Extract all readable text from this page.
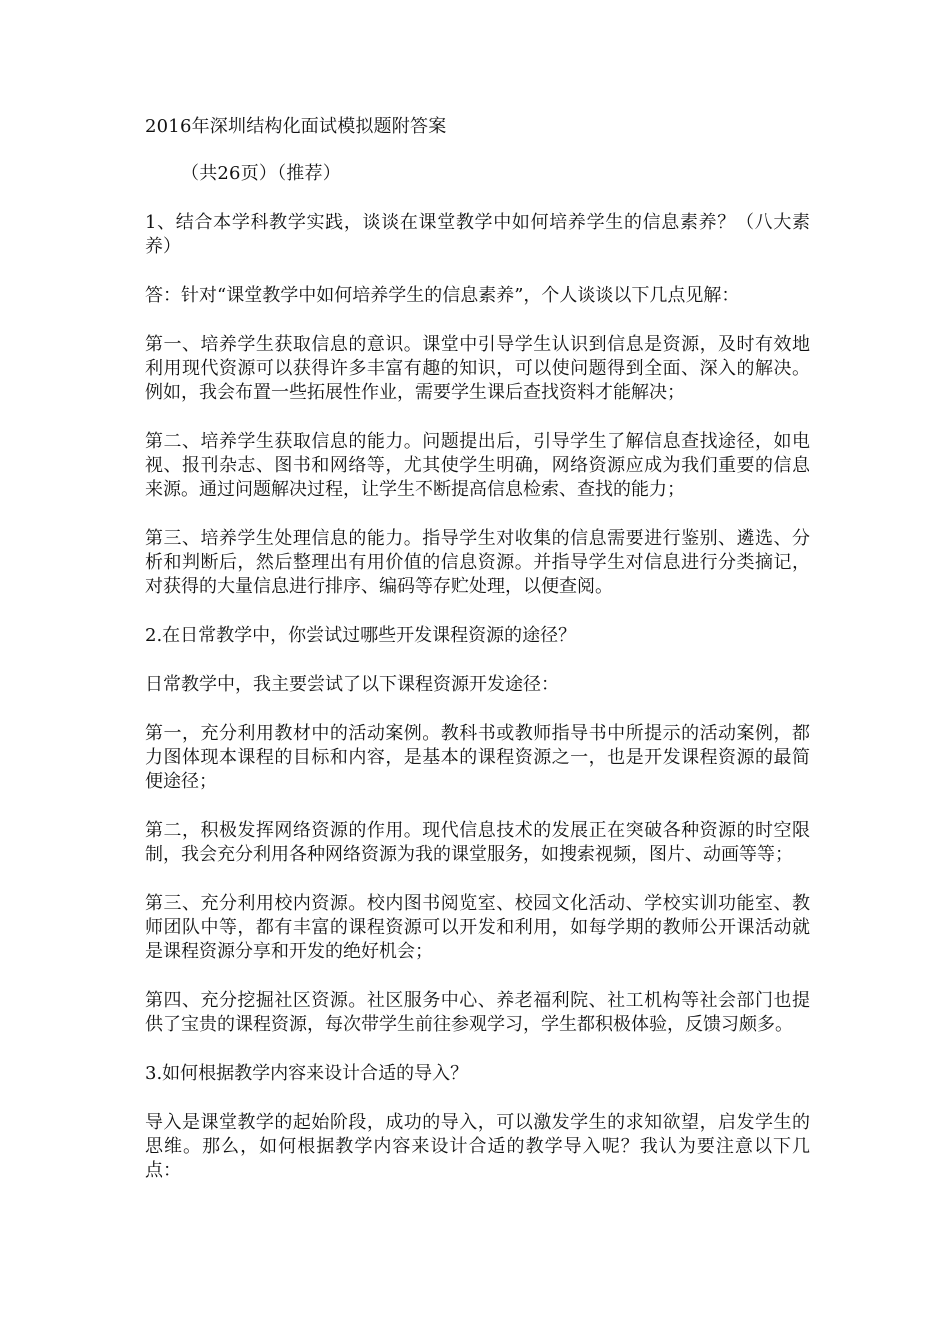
2016年深圳结构化面试模拟题附答案

（共26页）（推荐）

1、结合本学科教学实践，谈谈在课堂教学中如何培养学生的信息素养？（八大素养）

答：针对“课堂教学中如何培养学生的信息素养”，个人谈谈以下几点见解：

第一、培养学生获取信息的意识。课堂中引导学生认识到信息是资源，及时有效地利用现代资源可以获得许多丰富有趣的知识，可以使问题得到全面、深入的解决。例如，我会布置一些拓展性作业，需要学生课后查找资料才能解决；

第二、培养学生获取信息的能力。问题提出后，引导学生了解信息查找途径，如电视、报刊杂志、图书和网络等，尤其使学生明确，网络资源应成为我们重要的信息来源。通过问题解决过程，让学生不断提高信息检索、查找的能力；

第三、培养学生处理信息的能力。指导学生对收集的信息需要进行鉴别、遴选、分析和判断后，然后整理出有用价值的信息资源。并指导学生对信息进行分类摘记，对获得的大量信息进行排序、编码等存贮处理，以便查阅。

2.在日常教学中，你尝试过哪些开发课程资源的途径？

日常教学中，我主要尝试了以下课程资源开发途径：

第一，充分利用教材中的活动案例。教科书或教师指导书中所提示的活动案例，都力图体现本课程的目标和内容，是基本的课程资源之一，也是开发课程资源的最简便途径；

第二，积极发挥网络资源的作用。现代信息技术的发展正在突破各种资源的时空限制，我会充分利用各种网络资源为我的课堂服务，如搜索视频，图片、动画等等；

第三、充分利用校内资源。校内图书阅览室、校园文化活动、学校实训功能室、教师团队中等，都有丰富的课程资源可以开发和利用，如每学期的教师公开课活动就是课程资源分享和开发的绝好机会；

第四、充分挖掘社区资源。社区服务中心、养老福利院、社工机构等社会部门也提供了宝贵的课程资源，每次带学生前往参观学习，学生都积极体验，反馈习颇多。

3.如何根据教学内容来设计合适的导入？

导入是课堂教学的起始阶段，成功的导入，可以激发学生的求知欲望，启发学生的思维。那么，如何根据教学内容来设计合适的教学导入呢？我认为要注意以下几点：
